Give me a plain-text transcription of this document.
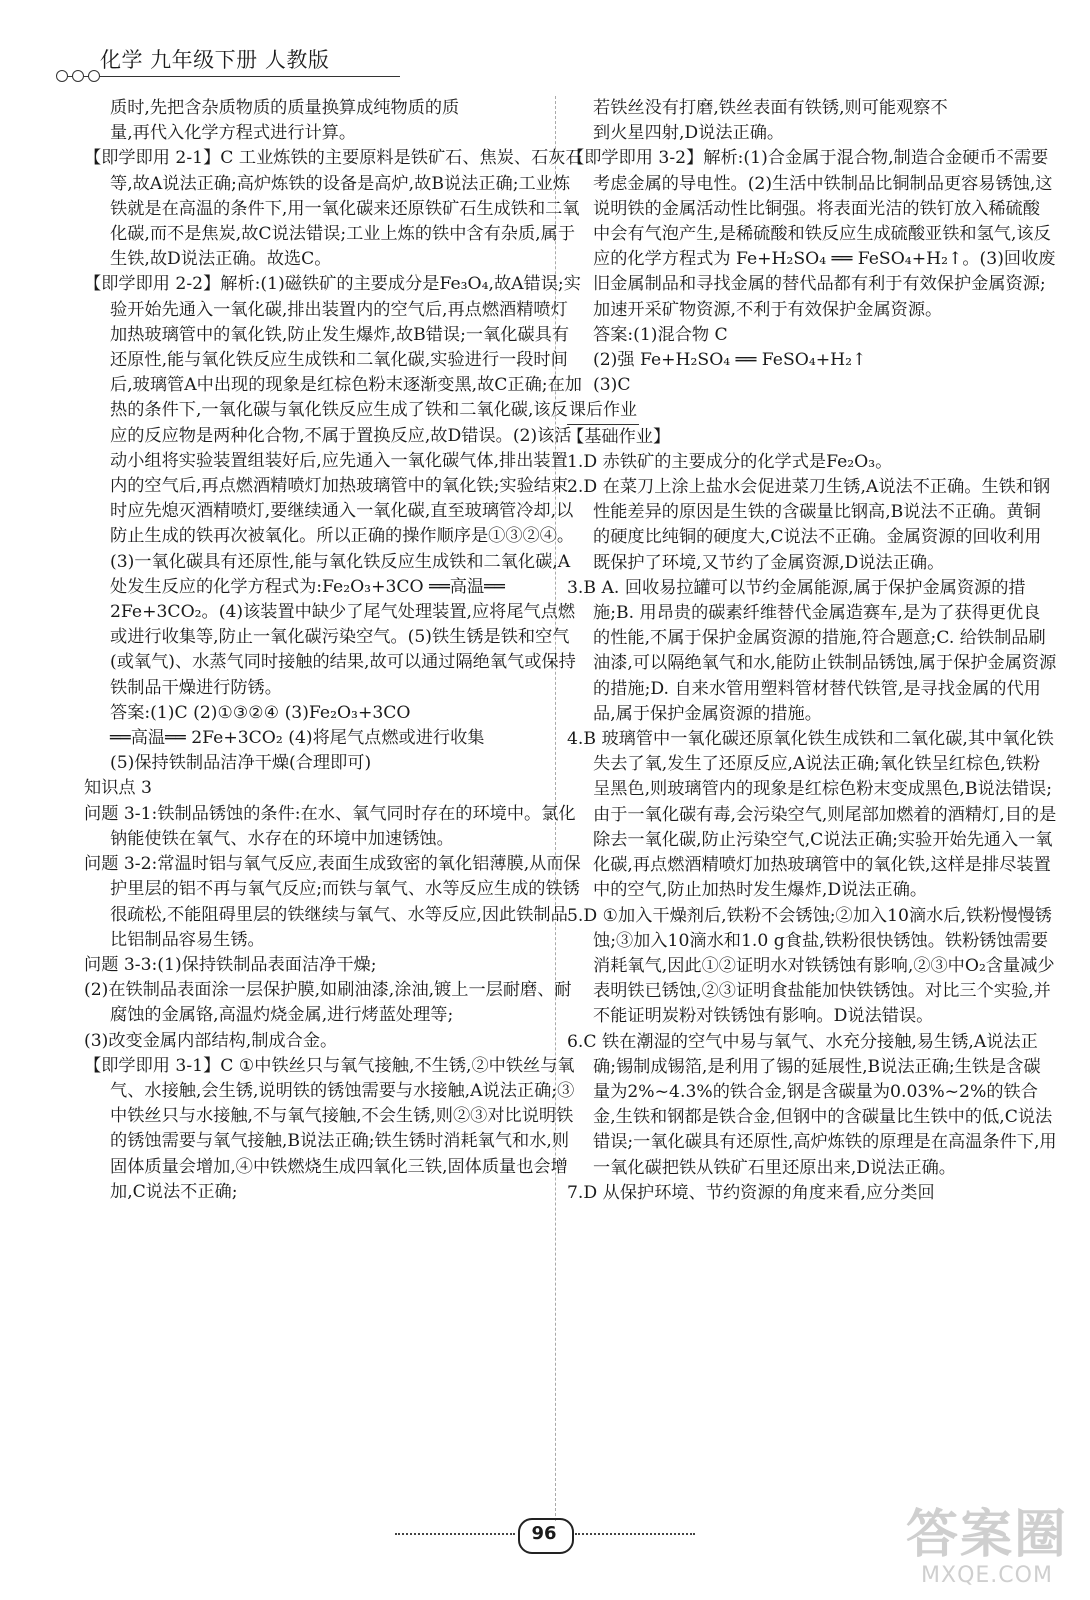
化学 九年级下册 人教版

质时,先把含杂质物质的质量换算成纯物质的质

量,再代入化学方程式进行计算。

【即学即用 2-1】C 工业炼铁的主要原料是铁矿石、焦炭、石灰石等,故A说法正确;高炉炼铁的设备是高炉,故B说法正确;工业炼铁就是在高温的条件下,用一氧化碳来还原铁矿石生成铁和二氧化碳,而不是焦炭,故C说法错误;工业上炼的铁中含有杂质,属于生铁,故D说法正确。故选C。

【即学即用 2-2】解析:(1)磁铁矿的主要成分是Fe₃O₄,故A错误;实验开始先通入一氧化碳,排出装置内的空气后,再点燃酒精喷灯加热玻璃管中的氧化铁,防止发生爆炸,故B错误;一氧化碳具有还原性,能与氧化铁反应生成铁和二氧化碳,实验进行一段时间后,玻璃管A中出现的现象是红棕色粉末逐渐变黑,故C正确;在加热的条件下,一氧化碳与氧化铁反应生成了铁和二氧化碳,该反应的反应物是两种化合物,不属于置换反应,故D错误。(2)该活动小组将实验装置组装好后,应先通入一氧化碳气体,排出装置内的空气后,再点燃酒精喷灯加热玻璃管中的氧化铁;实验结束时应先熄灭酒精喷灯,要继续通入一氧化碳,直至玻璃管冷却,以防止生成的铁再次被氧化。所以正确的操作顺序是①③②④。(3)一氧化碳具有还原性,能与氧化铁反应生成铁和二氧化碳,A处发生反应的化学方程式为:Fe₂O₃+3CO ══高温══ 2Fe+3CO₂。(4)该装置中缺少了尾气处理装置,应将尾气点燃或进行收集等,防止一氧化碳污染空气。(5)铁生锈是铁和空气(或氧气)、水蒸气同时接触的结果,故可以通过隔绝氧气或保持铁制品干燥进行防锈。

答案:(1)C (2)①③②④ (3)Fe₂O₃+3CO

══高温══ 2Fe+3CO₂ (4)将尾气点燃或进行收集

(5)保持铁制品洁净干燥(合理即可)

知识点 3

问题 3-1:铁制品锈蚀的条件:在水、氧气同时存在的环境中。氯化钠能使铁在氧气、水存在的环境中加速锈蚀。

问题 3-2:常温时铝与氧气反应,表面生成致密的氧化铝薄膜,从而保护里层的铝不再与氧气反应;而铁与氧气、水等反应生成的铁锈很疏松,不能阻碍里层的铁继续与氧气、水等反应,因此铁制品比铝制品容易生锈。

问题 3-3:(1)保持铁制品表面洁净干燥;

(2)在铁制品表面涂一层保护膜,如刷油漆,涂油,镀上一层耐磨、耐腐蚀的金属铬,高温灼烧金属,进行烤蓝处理等;

(3)改变金属内部结构,制成合金。

【即学即用 3-1】C ①中铁丝只与氧气接触,不生锈,②中铁丝与氧气、水接触,会生锈,说明铁的锈蚀需要与水接触,A说法正确;③中铁丝只与水接触,不与氧气接触,不会生锈,则②③对比说明铁的锈蚀需要与氧气接触,B说法正确;铁生锈时消耗氧气和水,则固体质量会增加,④中铁燃烧生成四氧化三铁,固体质量也会增加,C说法不正确;

若铁丝没有打磨,铁丝表面有铁锈,则可能观察不

到火星四射,D说法正确。

【即学即用 3-2】解析:(1)合金属于混合物,制造合金硬币不需要考虑金属的导电性。(2)生活中铁制品比铜制品更容易锈蚀,这说明铁的金属活动性比铜强。将表面光洁的铁钉放入稀硫酸中会有气泡产生,是稀硫酸和铁反应生成硫酸亚铁和氢气,该反应的化学方程式为 Fe+H₂SO₄ ══ FeSO₄+H₂↑。(3)回收废旧金属制品和寻找金属的替代品都有利于有效保护金属资源;加速开采矿物资源,不利于有效保护金属资源。

答案:(1)混合物 C

(2)强 Fe+H₂SO₄ ══ FeSO₄+H₂↑

(3)C

课后作业

【基础作业】

1.D 赤铁矿的主要成分的化学式是Fe₂O₃。

2.D 在菜刀上涂上盐水会促进菜刀生锈,A说法不正确。生铁和钢性能差异的原因是生铁的含碳量比钢高,B说法不正确。黄铜的硬度比纯铜的硬度大,C说法不正确。金属资源的回收利用既保护了环境,又节约了金属资源,D说法正确。

3.B A. 回收易拉罐可以节约金属能源,属于保护金属资源的措施;B. 用昂贵的碳素纤维替代金属造赛车,是为了获得更优良的性能,不属于保护金属资源的措施,符合题意;C. 给铁制品刷油漆,可以隔绝氧气和水,能防止铁制品锈蚀,属于保护金属资源的措施;D. 自来水管用塑料管材替代铁管,是寻找金属的代用品,属于保护金属资源的措施。

4.B 玻璃管中一氧化碳还原氧化铁生成铁和二氧化碳,其中氧化铁失去了氧,发生了还原反应,A说法正确;氧化铁呈红棕色,铁粉呈黑色,则玻璃管内的现象是红棕色粉末变成黑色,B说法错误;由于一氧化碳有毒,会污染空气,则尾部加燃着的酒精灯,目的是除去一氧化碳,防止污染空气,C说法正确;实验开始先通入一氧化碳,再点燃酒精喷灯加热玻璃管中的氧化铁,这样是排尽装置中的空气,防止加热时发生爆炸,D说法正确。

5.D ①加入干燥剂后,铁粉不会锈蚀;②加入10滴水后,铁粉慢慢锈蚀;③加入10滴水和1.0 g食盐,铁粉很快锈蚀。铁粉锈蚀需要消耗氧气,因此①②证明水对铁锈蚀有影响,②③中O₂含量减少表明铁已锈蚀,②③证明食盐能加快铁锈蚀。对比三个实验,并不能证明炭粉对铁锈蚀有影响。D说法错误。

6.C 铁在潮湿的空气中易与氧气、水充分接触,易生锈,A说法正确;锡制成锡箔,是利用了锡的延展性,B说法正确;生铁是含碳量为2%~4.3%的铁合金,钢是含碳量为0.03%~2%的铁合金,生铁和钢都是铁合金,但钢中的含碳量比生铁中的低,C说法错误;一氧化碳具有还原性,高炉炼铁的原理是在高温条件下,用一氧化碳把铁从铁矿石里还原出来,D说法正确。

7.D 从保护环境、节约资源的角度来看,应分类回

96	答案圈
MXQE.COM
